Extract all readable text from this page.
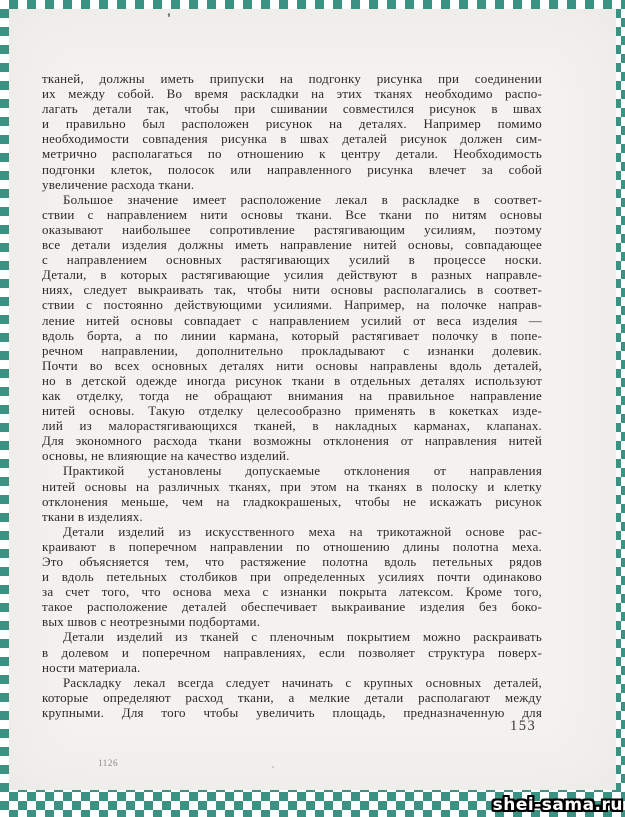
тканей, должны иметь припуски на подгонку рисунка при соединении
их между собой. Во время раскладки на этих тканях необходимо распо-
лагать детали так, чтобы при сшивании совместился рисунок в швах
и правильно был расположен рисунок на деталях. Например помимо
необходимости совпадения рисунка в швах деталей рисунок должен сим-
метрично располагаться по отношению к центру детали. Необходимость
подгонки клеток, полосок или направленного рисунка влечет за собой
увеличение расхода ткани.
Большое значение имеет расположение лекал в раскладке в соответ-
ствии с направлением нити основы ткани. Все ткани по нитям основы
оказывают наибольшее сопротивление растягивающим усилиям, поэтому
все детали изделия должны иметь направление нитей основы, совпадающее
с направлением основных растягивающих усилий в процессе носки.
Детали, в которых растягивающие усилия действуют в разных направле-
ниях, следует выкраивать так, чтобы нити основы располагались в соответ-
ствии с постоянно действующими усилиями. Например, на полочке направ-
ление нитей основы совпадает с направлением усилий от веса изделия —
вдоль борта, а по линии кармана, который растягивает полочку в попе-
речном направлении, дополнительно прокладывают с изнанки долевик.
Почти во всех основных деталях нити основы направлены вдоль деталей,
но в детской одежде иногда рисунок ткани в отдельных деталях используют
как отделку, тогда не обращают внимания на правильное направление
нитей основы. Такую отделку целесообразно применять в кокетках изде-
лий из малорастягивающихся тканей, в накладных карманах, клапанах.
Для экономного расхода ткани возможны отклонения от направления нитей
основы, не влияющие на качество изделий.
Практикой установлены допускаемые отклонения от направления
нитей основы на различных тканях, при этом на тканях в полоску и клетку
отклонения меньше, чем на гладкокрашеных, чтобы не искажать рисунок
ткани в изделиях.
Детали изделий из искусственного меха на трикотажной основе рас-
краивают в поперечном направлении по отношению длины полотна меха.
Это объясняется тем, что растяжение полотна вдоль петельных рядов
и вдоль петельных столбиков при определенных усилиях почти одинаково
за счет того, что основа меха с изнанки покрыта латексом. Кроме того,
такое расположение деталей обеспечивает выкраивание изделия без боко-
вых швов с неотрезными подбортами.
Детали изделий из тканей с пленочным покрытием можно раскраивать
в долевом и поперечном направлениях, если позволяет структура поверх-
ности материала.
Раскладку лекал всегда следует начинать с крупных основных деталей,
которые определяют расход ткани, а мелкие детали располагают между
крупными. Для того чтобы увеличить площадь, предназначенную для
153
1126
shei-sama.ru
